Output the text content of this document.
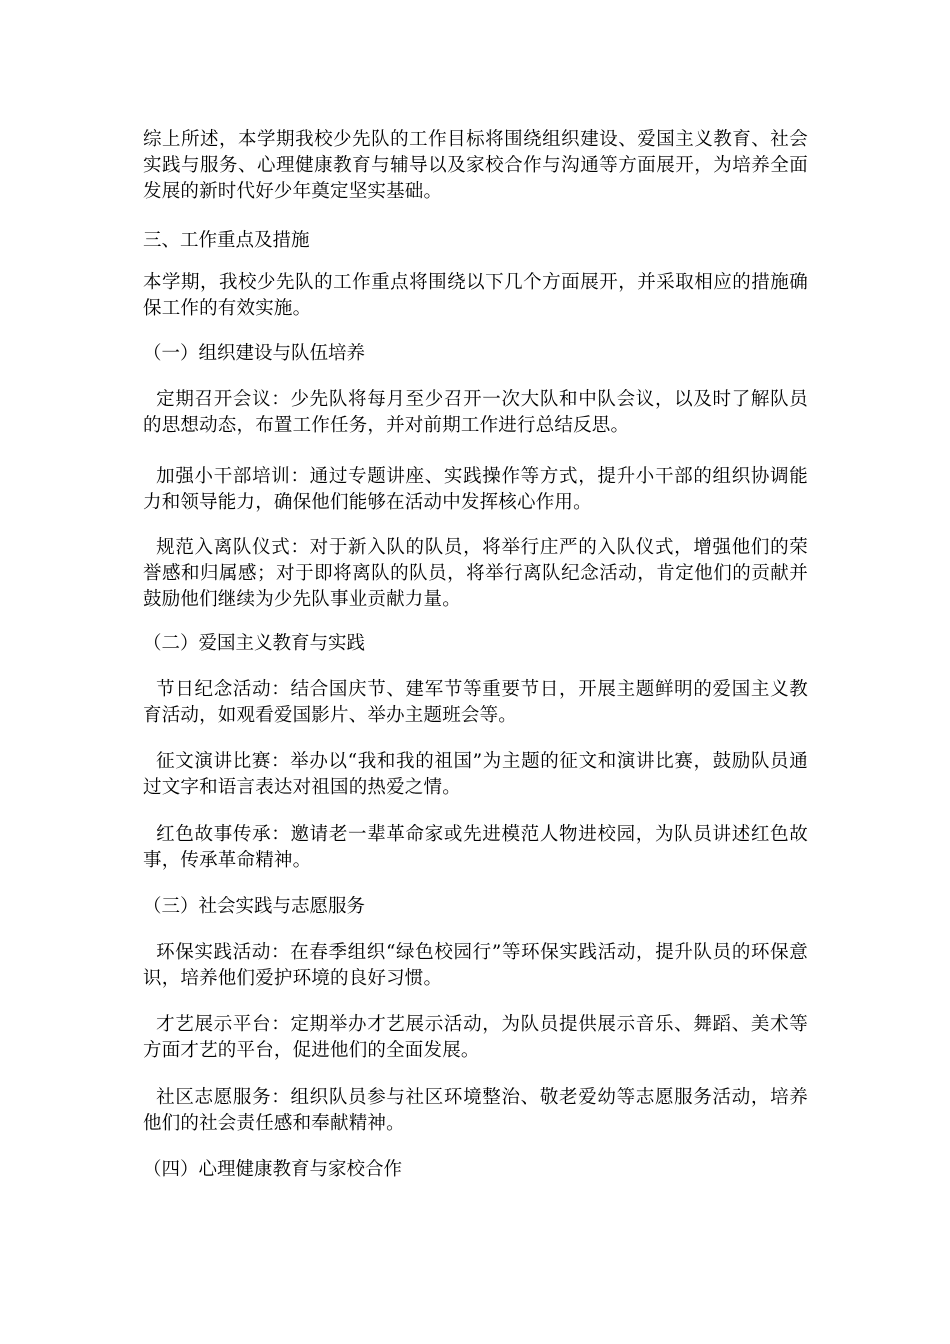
综上所述，本学期我校少先队的工作目标将围绕组织建设、爱国主义教育、社会实践与服务、心理健康教育与辅导以及家校合作与沟通等方面展开，为培养全面发展的新时代好少年奠定坚实基础。

三、工作重点及措施

本学期，我校少先队的工作重点将围绕以下几个方面展开，并采取相应的措施确保工作的有效实施。

（一）组织建设与队伍培养

定期召开会议：少先队将每月至少召开一次大队和中队会议，以及时了解队员的思想动态，布置工作任务，并对前期工作进行总结反思。

加强小干部培训：通过专题讲座、实践操作等方式，提升小干部的组织协调能力和领导能力，确保他们能够在活动中发挥核心作用。

规范入离队仪式：对于新入队的队员，将举行庄严的入队仪式，增强他们的荣誉感和归属感；对于即将离队的队员，将举行离队纪念活动，肯定他们的贡献并鼓励他们继续为少先队事业贡献力量。

（二）爱国主义教育与实践

节日纪念活动：结合国庆节、建军节等重要节日，开展主题鲜明的爱国主义教育活动，如观看爱国影片、举办主题班会等。

征文演讲比赛：举办以“我和我的祖国”为主题的征文和演讲比赛，鼓励队员通过文字和语言表达对祖国的热爱之情。

红色故事传承：邀请老一辈革命家或先进模范人物进校园，为队员讲述红色故事，传承革命精神。

（三）社会实践与志愿服务

环保实践活动：在春季组织“绿色校园行”等环保实践活动，提升队员的环保意识，培养他们爱护环境的良好习惯。

才艺展示平台：定期举办才艺展示活动，为队员提供展示音乐、舞蹈、美术等方面才艺的平台，促进他们的全面发展。

社区志愿服务：组织队员参与社区环境整治、敬老爱幼等志愿服务活动，培养他们的社会责任感和奉献精神。

（四）心理健康教育与家校合作
